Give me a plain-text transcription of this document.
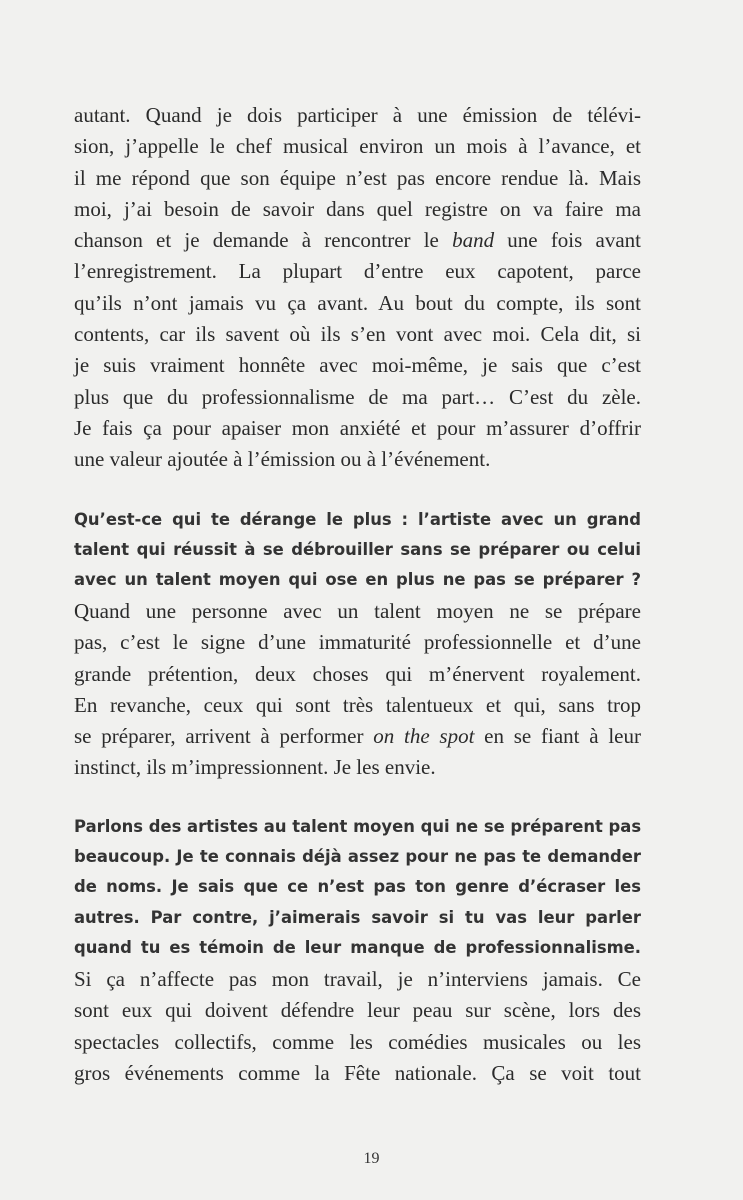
autant. Quand je dois participer à une émission de télévi-
sion, j’appelle le chef musical environ un mois à l’avance, et
il me répond que son équipe n’est pas encore rendue là. Mais
moi, j’ai besoin de savoir dans quel registre on va faire ma
chanson et je demande à rencontrer le band une fois avant
l’enregistrement. La plupart d’entre eux capotent, parce
qu’ils n’ont jamais vu ça avant. Au bout du compte, ils sont
contents, car ils savent où ils s’en vont avec moi. Cela dit, si
je suis vraiment honnête avec moi-même, je sais que c’est
plus que du professionnalisme de ma part… C’est du zèle.
Je fais ça pour apaiser mon anxiété et pour m’assurer d’offrir
une valeur ajoutée à l’émission ou à l’événement.
Qu’est-ce qui te dérange le plus : l’artiste avec un grand
talent qui réussit à se débrouiller sans se préparer ou celui
avec un talent moyen qui ose en plus ne pas se préparer ?
Quand une personne avec un talent moyen ne se prépare
pas, c’est le signe d’une immaturité professionnelle et d’une
grande prétention, deux choses qui m’énervent royalement.
En revanche, ceux qui sont très talentueux et qui, sans trop
se préparer, arrivent à performer on the spot en se fiant à leur
instinct, ils m’impressionnent. Je les envie.
Parlons des artistes au talent moyen qui ne se préparent pas
beaucoup. Je te connais déjà assez pour ne pas te demander
de noms. Je sais que ce n’est pas ton genre d’écraser les
autres. Par contre, j’aimerais savoir si tu vas leur parler
quand tu es témoin de leur manque de professionnalisme.
Si ça n’affecte pas mon travail, je n’interviens jamais. Ce
sont eux qui doivent défendre leur peau sur scène, lors des
spectacles collectifs, comme les comédies musicales ou les
gros événements comme la Fête nationale. Ça se voit tout
19
